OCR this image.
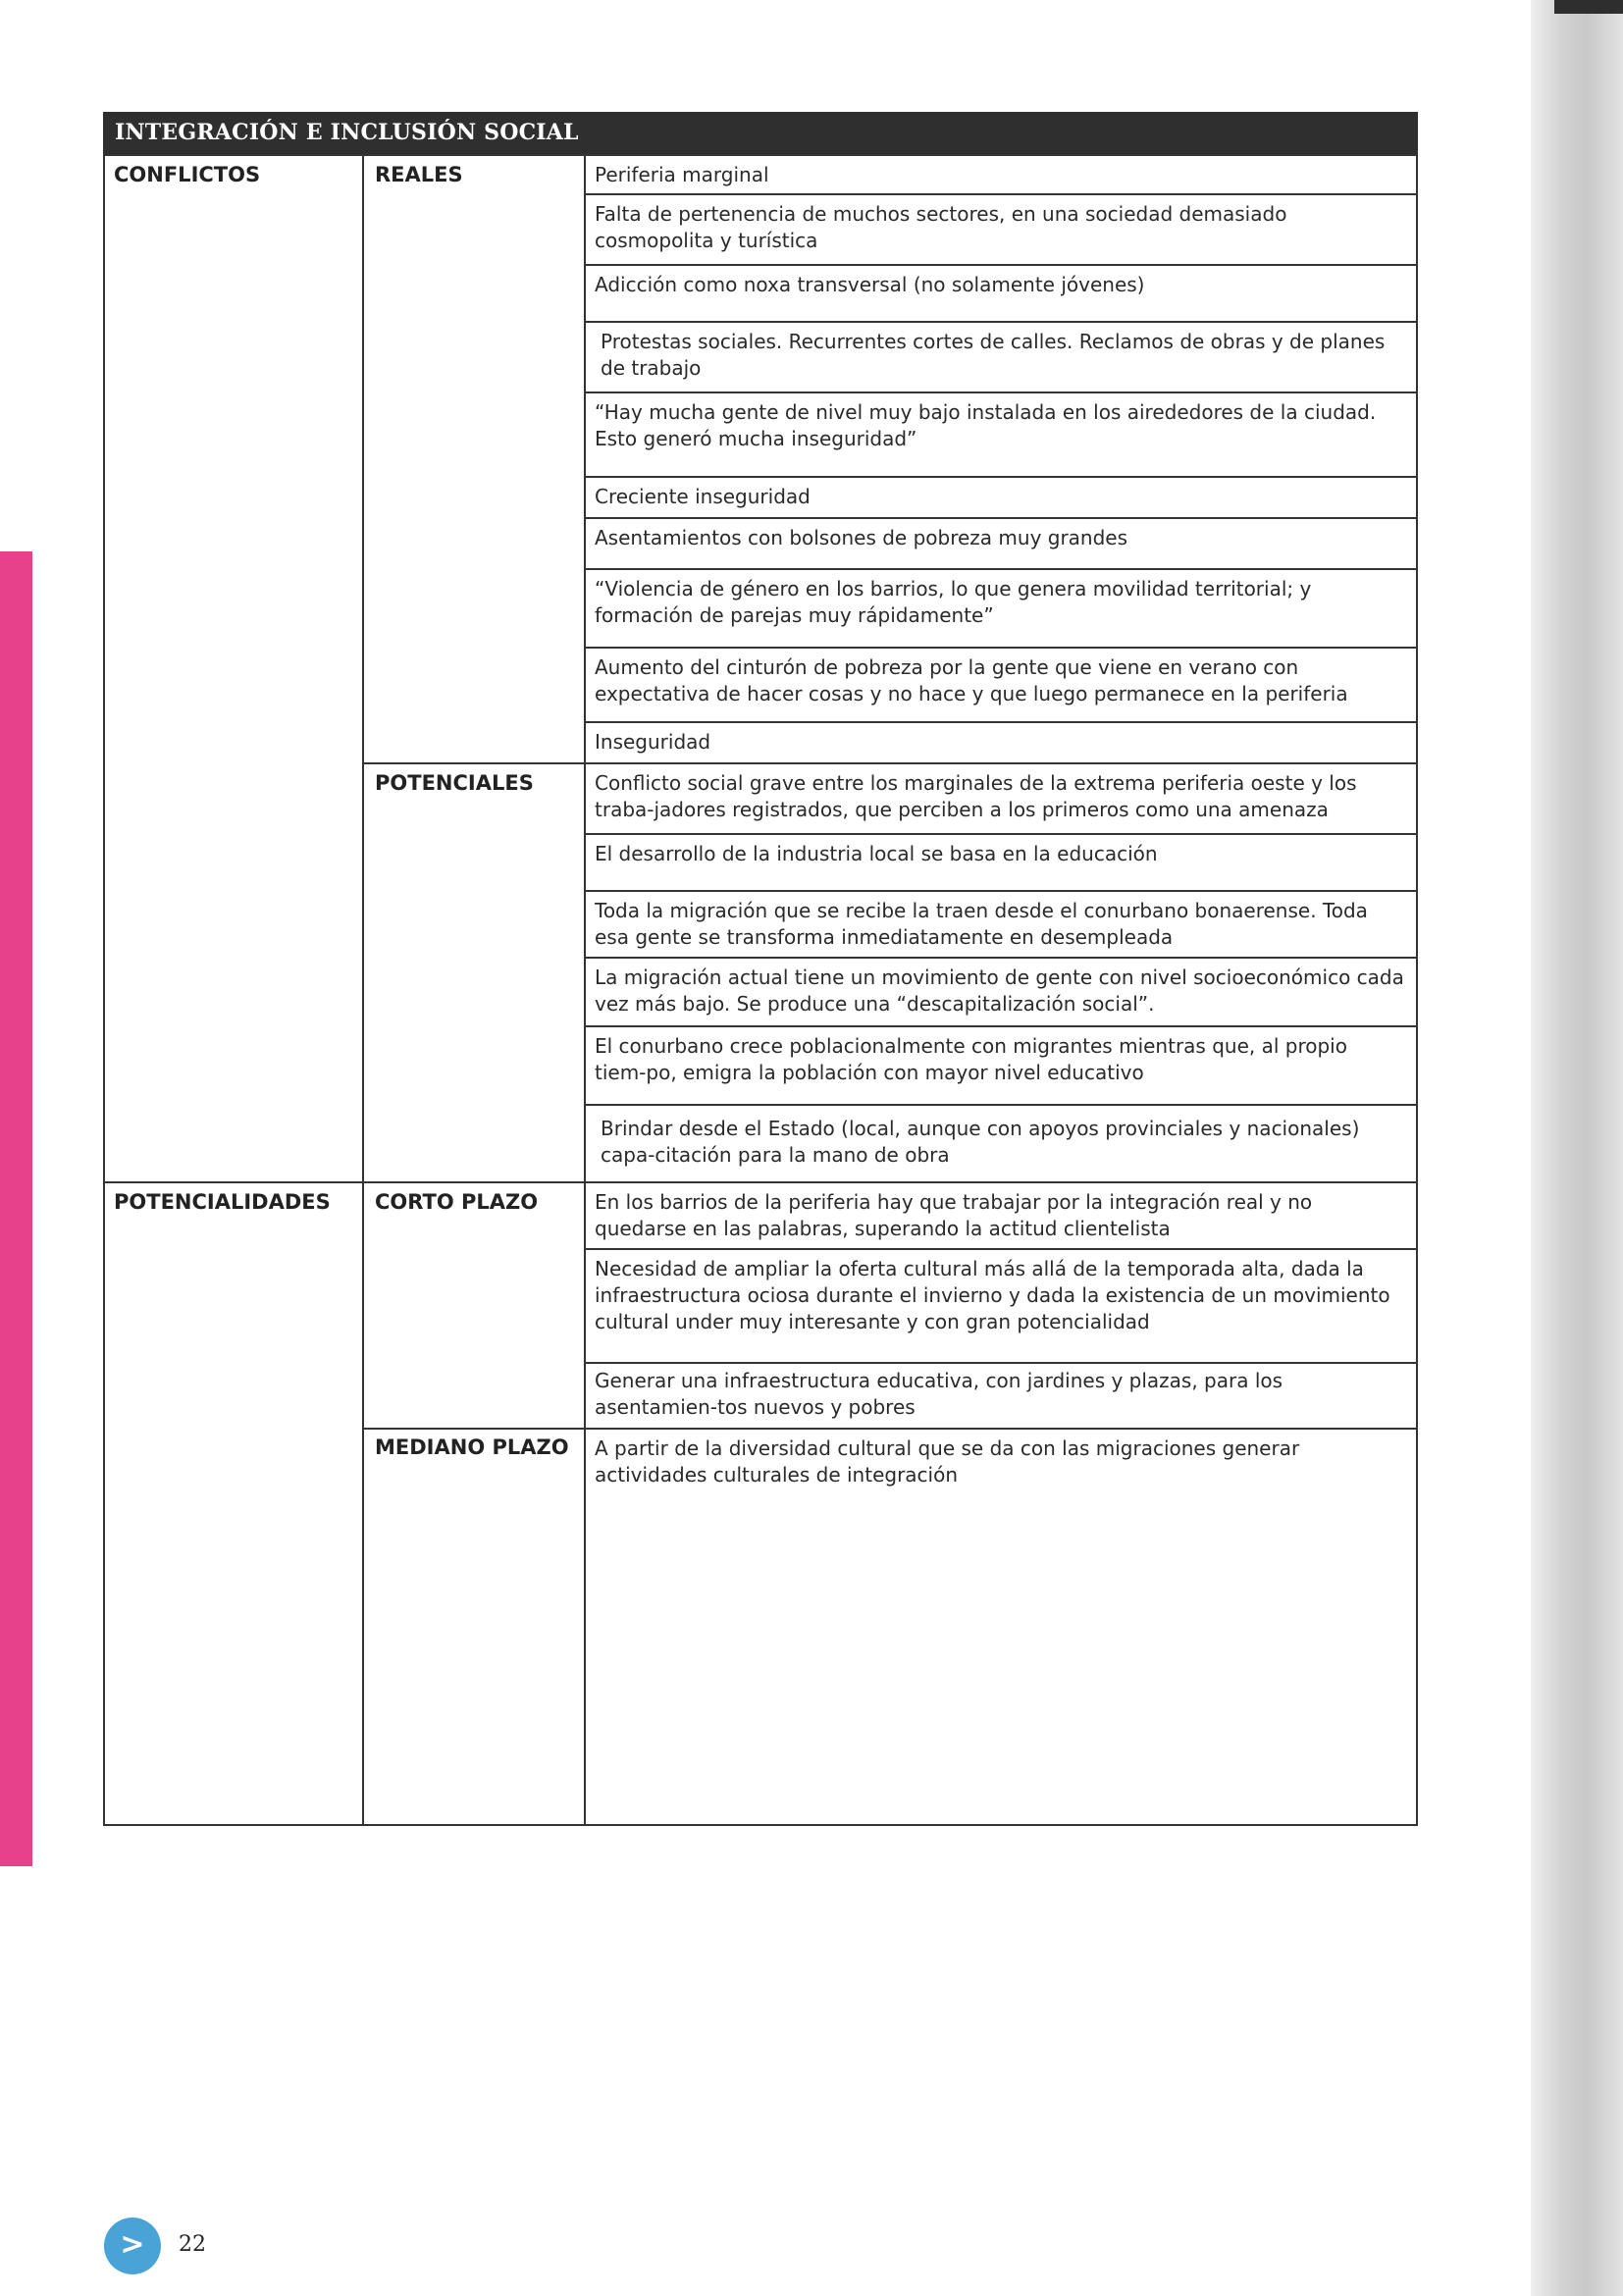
INTEGRACIÓN E INCLUSIÓN SOCIAL
CONFLICTOS	REALES
POTENCIALES
POTENCIALIDADES CORTO PLAZO
MEDIANO PLAZO
Periferia marginal
Falta de pertenencia de muchos sectores, en una sociedad demasiado cosmopolita y turística
Adicción como noxa transversal (no solamente jóvenes)
Protestas sociales. Recurrentes cortes de calles. Reclamos de obras y de planes de trabajo
“Hay mucha gente de nivel muy bajo instalada en los airededores de la ciudad. Esto generó mucha inseguridad”
Creciente inseguridad
Asentamientos con bolsones de pobreza muy grandes
“Violencia de género en los barrios, lo que genera movilidad territorial; y formación de parejas muy rápidamente”
Aumento del cinturón de pobreza por la gente que viene en verano con expectativa de hacer cosas y no hace y que luego permanece en la periferia
Inseguridad
Conflicto social grave entre los marginales de la extrema periferia oeste y los traba-jadores registrados, que perciben a los primeros como una amenaza
El desarrollo de la industria local se basa en la educación
Toda la migración que se recibe la traen desde el conurbano bonaerense. Toda esa gente se transforma inmediatamente en desempleada
La migración actual tiene un movimiento de gente con nivel socioeconómico cada vez más bajo. Se produce una “descapitalización social”.
El conurbano crece poblacionalmente con migrantes mientras que, al propio tiem-po, emigra la población con mayor nivel educativo
Brindar desde el Estado (local, aunque con apoyos provinciales y nacionales) capa-citación para la mano de obra
En los barrios de la periferia hay que trabajar por la integración real y no quedarse en las palabras, superando la actitud clientelista
Necesidad de ampliar la oferta cultural más allá de la temporada alta, dada la infraestructura ociosa durante el invierno y dada la existencia de un movimiento cultural under muy interesante y con gran potencialidad
Generar una infraestructura educativa, con jardines y plazas, para los asentamien-tos nuevos y pobres
A partir de la diversidad cultural que se da con las migraciones generar actividades culturales de integración
>	22
